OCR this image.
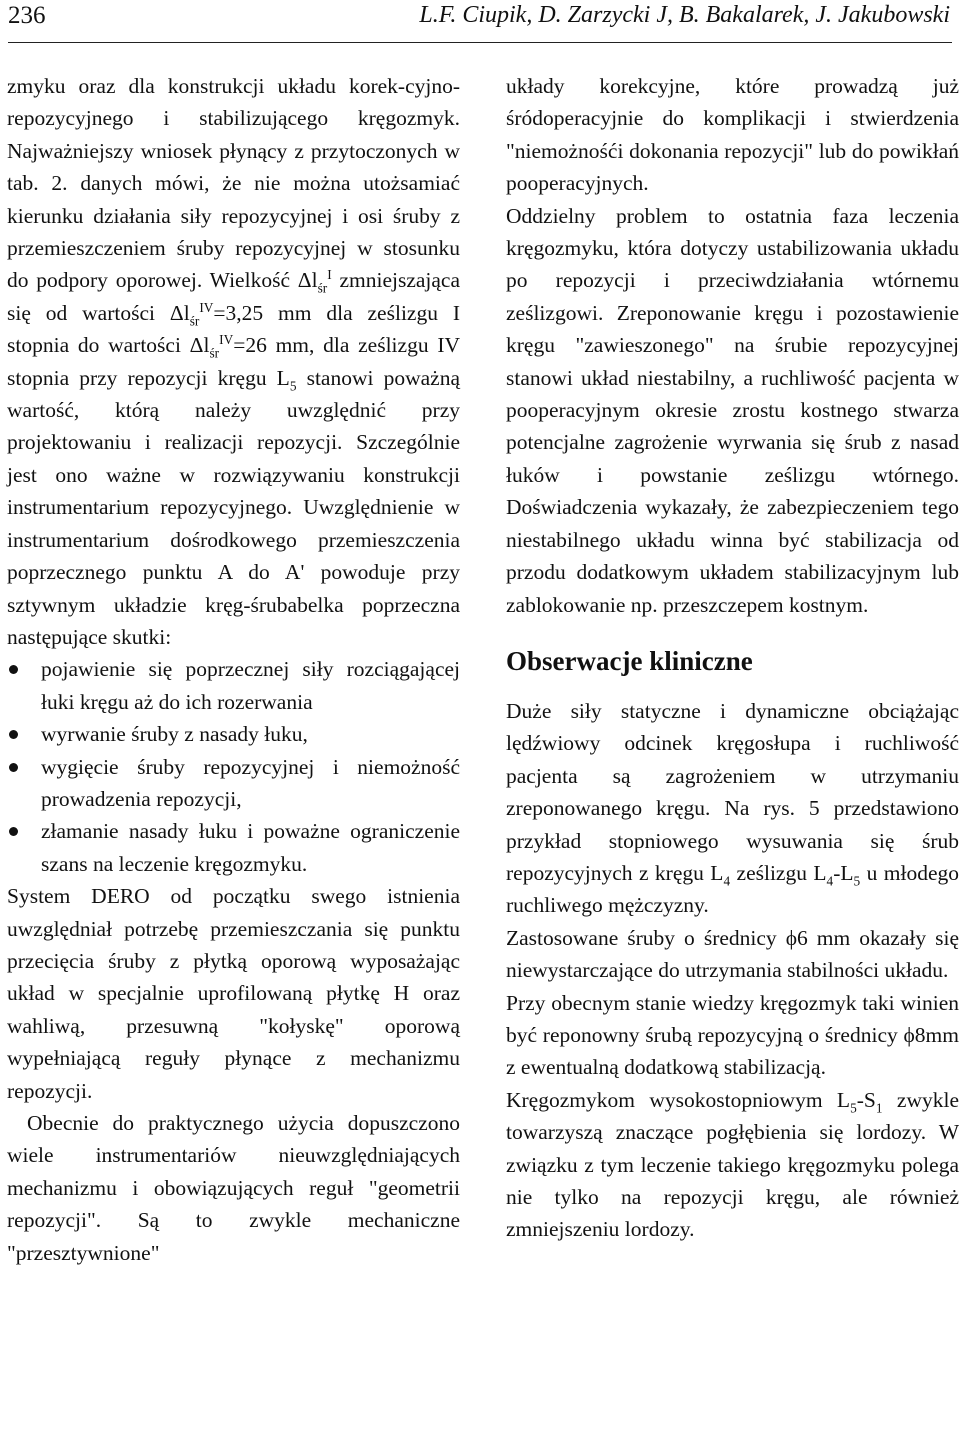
236	L.F. Ciupik, D. Zarzycki J, B. Bakalarek, J. Jakubowski

zmyku oraz dla konstrukcji układu korek-cyjno-repozycyjnego i stabilizującego kręgozmyk. Najważniejszy wniosek płynący z przytoczonych w tab. 2. danych mówi, że nie można utożsamiać kierunku działania siły repozycyjnej i osi śruby z przemieszczeniem śruby repozycyjnej w stosunku do podpory oporowej. Wielkość $\Delta l_{śr}^I$ zmniejszająca się od wartości $\Delta l_{śr}^{IV}=3,25$ mm dla ześlizgu I stopnia do wartości $\Delta l_{śr}^{IV}=26$ mm, dla ześlizgu IV stopnia przy repozycji kręgu $L_5$ stanowi poważną wartość, którą należy uwzględnić przy projektowaniu i realizacji repozycji. Szczególnie jest ono ważne w rozwiązywaniu konstrukcji instrumentarium repozycyjnego. Uwzględnienie w instrumentarium dośrodkowego przemieszczenia poprzecznego punktu A do A' powoduje przy sztywnym układzie kręg-śrubabelka poprzeczna następujące skutki:

pojawienie się poprzecznej siły rozciągającej łuki kręgu aż do ich rozerwania
wyrwanie śruby z nasady łuku,
wygięcie śruby repozycyjnej i niemożność prowadzenia repozycji,
złamanie nasady łuku i poważne ograniczenie szans na leczenie kręgozmyku.

System DERO od początku swego istnienia uwzględniał potrzebę przemieszczania się punktu przecięcia śruby z płytką oporową wyposażając układ w specjalnie uprofilowaną płytkę H oraz wahliwą, przesuwną "kołyskę" oporową wypełniającą reguły płynące z mechanizmu repozycji.

Obecnie do praktycznego użycia dopuszczono wiele instrumentariów nieuwzględniających mechanizmu i obowiązujących reguł "geometrii repozycji". Są to zwykle mechaniczne "przesztywnione"

układy korekcyjne, które prowadzą już śródoperacyjnie do komplikacji i stwierdzenia "niemożnośći dokonania repozycji" lub do powikłań pooperacyjnych.

Oddzielny problem to ostatnia faza leczenia kręgozmyku, która dotyczy ustabilizowania układu po repozycji i przeciwdziałania wtórnemu ześlizgowi. Zreponowanie kręgu i pozostawienie kręgu "zawieszonego" na śrubie repozycyjnej stanowi układ niestabilny, a ruchliwość pacjenta w pooperacyjnym okresie zrostu kostnego stwarza potencjalne zagrożenie wyrwania się śrub z nasad łuków i powstanie ześlizgu wtórnego. Doświadczenia wykazały, że zabezpieczeniem tego niestabilnego układu winna być stabilizacja od przodu dodatkowym układem stabilizacyjnym lub zablokowanie np. przeszczepem kostnym.

Obserwacje kliniczne

Duże siły statyczne i dynamiczne obciążając lędźwiowy odcinek kręgosłupa i ruchliwość pacjenta są zagrożeniem w utrzymaniu zreponowanego kręgu. Na rys. 5 przedstawiono przykład stopniowego wysuwania się śrub repozycyjnych z kręgu $L_4$ ześlizgu $L_4-L_5$ u młodego ruchliwego mężczyzny.

Zastosowane śruby o średnicy ϕ6 mm okazały się niewystarczające do utrzymania stabilności układu.

Przy obecnym stanie wiedzy kręgozmyk taki winien być reponowny śrubą repozycyjną o średnicy ϕ8mm z ewentualną dodatkową stabilizacją.

Kręgozmykom wysokostopniowym $L_5-S_1$ zwykle towarzyszą znaczące pogłębienia się lordozy. W związku z tym leczenie takiego kręgozmyku polega nie tylko na repozycji kręgu, ale również zmniejszeniu lordozy.
